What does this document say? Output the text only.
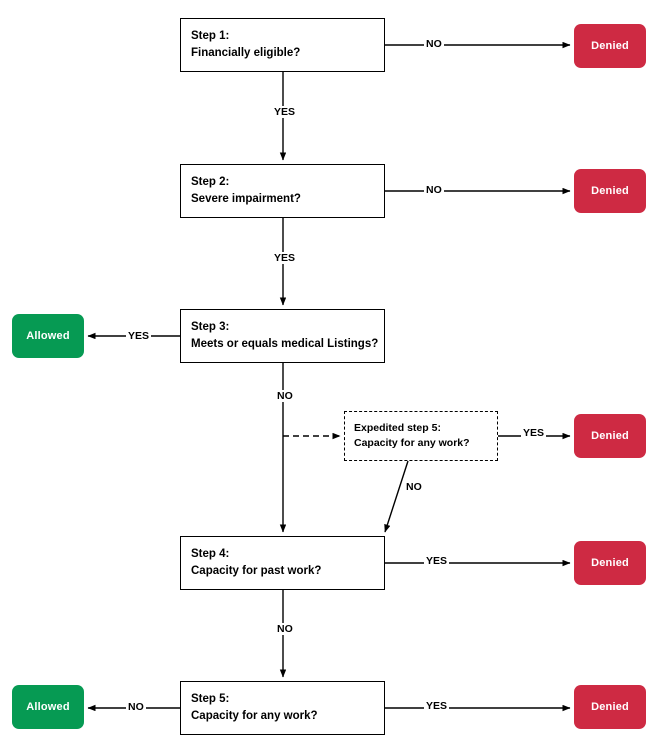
Step 1:
Financially eligible?
Step 2:
Severe impairment?
Step 3:
Meets or equals medical Listings?
Expedited step 5:
Capacity for any work?
Step 4:
Capacity for past work?
Step 5:
Capacity for any work?
Denied
Denied
Allowed
Denied
Denied
Allowed	Denied
NO
YES
NO
YES
YES
NO
YES
NO
YES
NO
NO	YES
